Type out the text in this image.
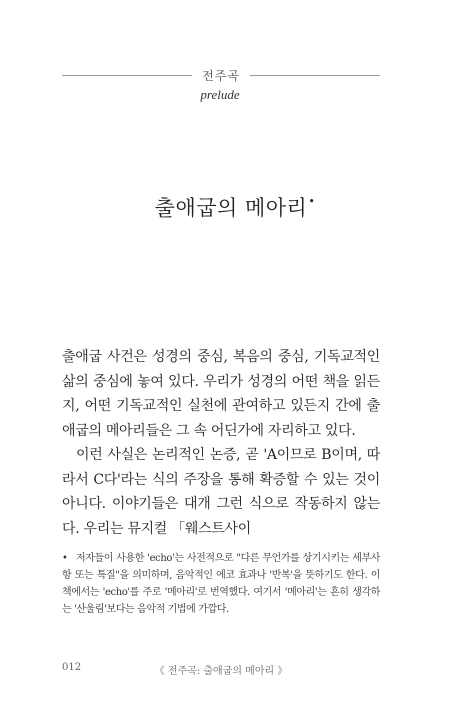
전주곡
prelude
출애굽의 메아리•

출애굽 사건은 성경의 중심, 복음의 중심, 기독교적인 삶의 중심에 놓여 있다. 우리가 성경의 어떤 책을 읽든지, 어떤 기독교적인 실천에 관여하고 있든지 간에 출애굽의 메아리들은 그 속 어딘가에 자리하고 있다.

이런 사실은 논리적인 논증, 곧 'A이므로 B이며, 따라서 C다'라는 식의 주장을 통해 확증할 수 있는 것이 아니다. 이야기들은 대개 그런 식으로 작동하지 않는다. 우리는 뮤지컬 「웨스트사이

• 저자들이 사용한 'echo'는 사전적으로 "다른 무언가를 상기시키는 세부사항 또는 특질"을 의미하며, 음악적인 에코 효과나 '반복'을 뜻하기도 한다. 이 책에서는 'echo'를 주로 '메아리'로 번역했다. 여기서 '메아리'는 흔히 생각하는 '산울림'보다는 음악적 기법에 가깝다.
012	《 전주곡: 출애굽의 메아리 》
